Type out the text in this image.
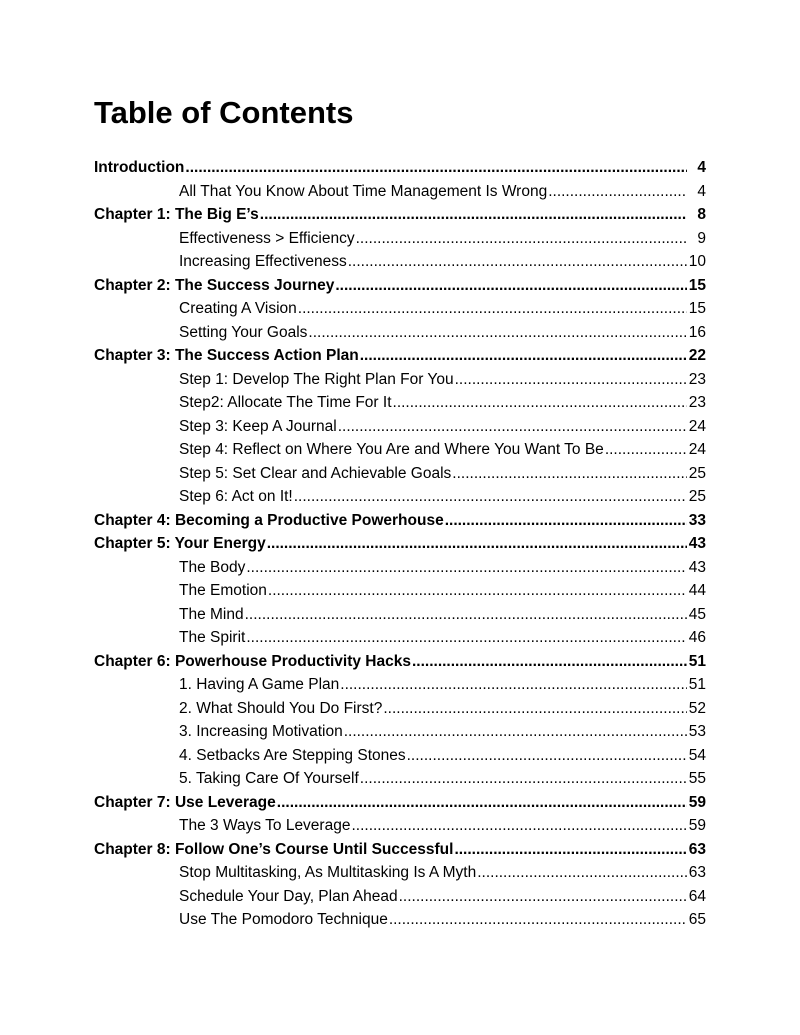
Table of Contents
Introduction .....	4
All That You Know About Time Management Is Wrong .....	4
Chapter 1: The Big E’s .....	8
Effectiveness > Efficiency .....	9
Increasing Effectiveness .....	10
Chapter 2: The Success Journey .....	15
Creating A Vision .....	15
Setting Your Goals .....	16
Chapter 3: The Success Action Plan .....	22
Step 1: Develop The Right Plan For You .....	23
Step2: Allocate The Time For It .....	23
Step 3: Keep A Journal .....	24
Step 4: Reflect on Where You Are and Where You Want To Be .....	24
Step 5: Set Clear and Achievable Goals .....	25
Step 6: Act on It! .....	25
Chapter 4: Becoming a Productive Powerhouse .....	33
Chapter 5: Your Energy .....	43
The Body .....	43
The Emotion .....	44
The Mind .....	45
The Spirit .....	46
Chapter 6: Powerhouse Productivity Hacks .....	51
1. Having A Game Plan .....	51
2. What Should You Do First? .....	52
3. Increasing Motivation .....	53
4. Setbacks Are Stepping Stones .....	54
5. Taking Care Of Yourself .....	55
Chapter 7: Use Leverage .....	59
The 3 Ways To Leverage .....	59
Chapter 8: Follow One’s Course Until Successful .....	63
Stop Multitasking, As Multitasking Is A Myth .....	63
Schedule Your Day, Plan Ahead .....	64
Use The Pomodoro Technique .....	65
